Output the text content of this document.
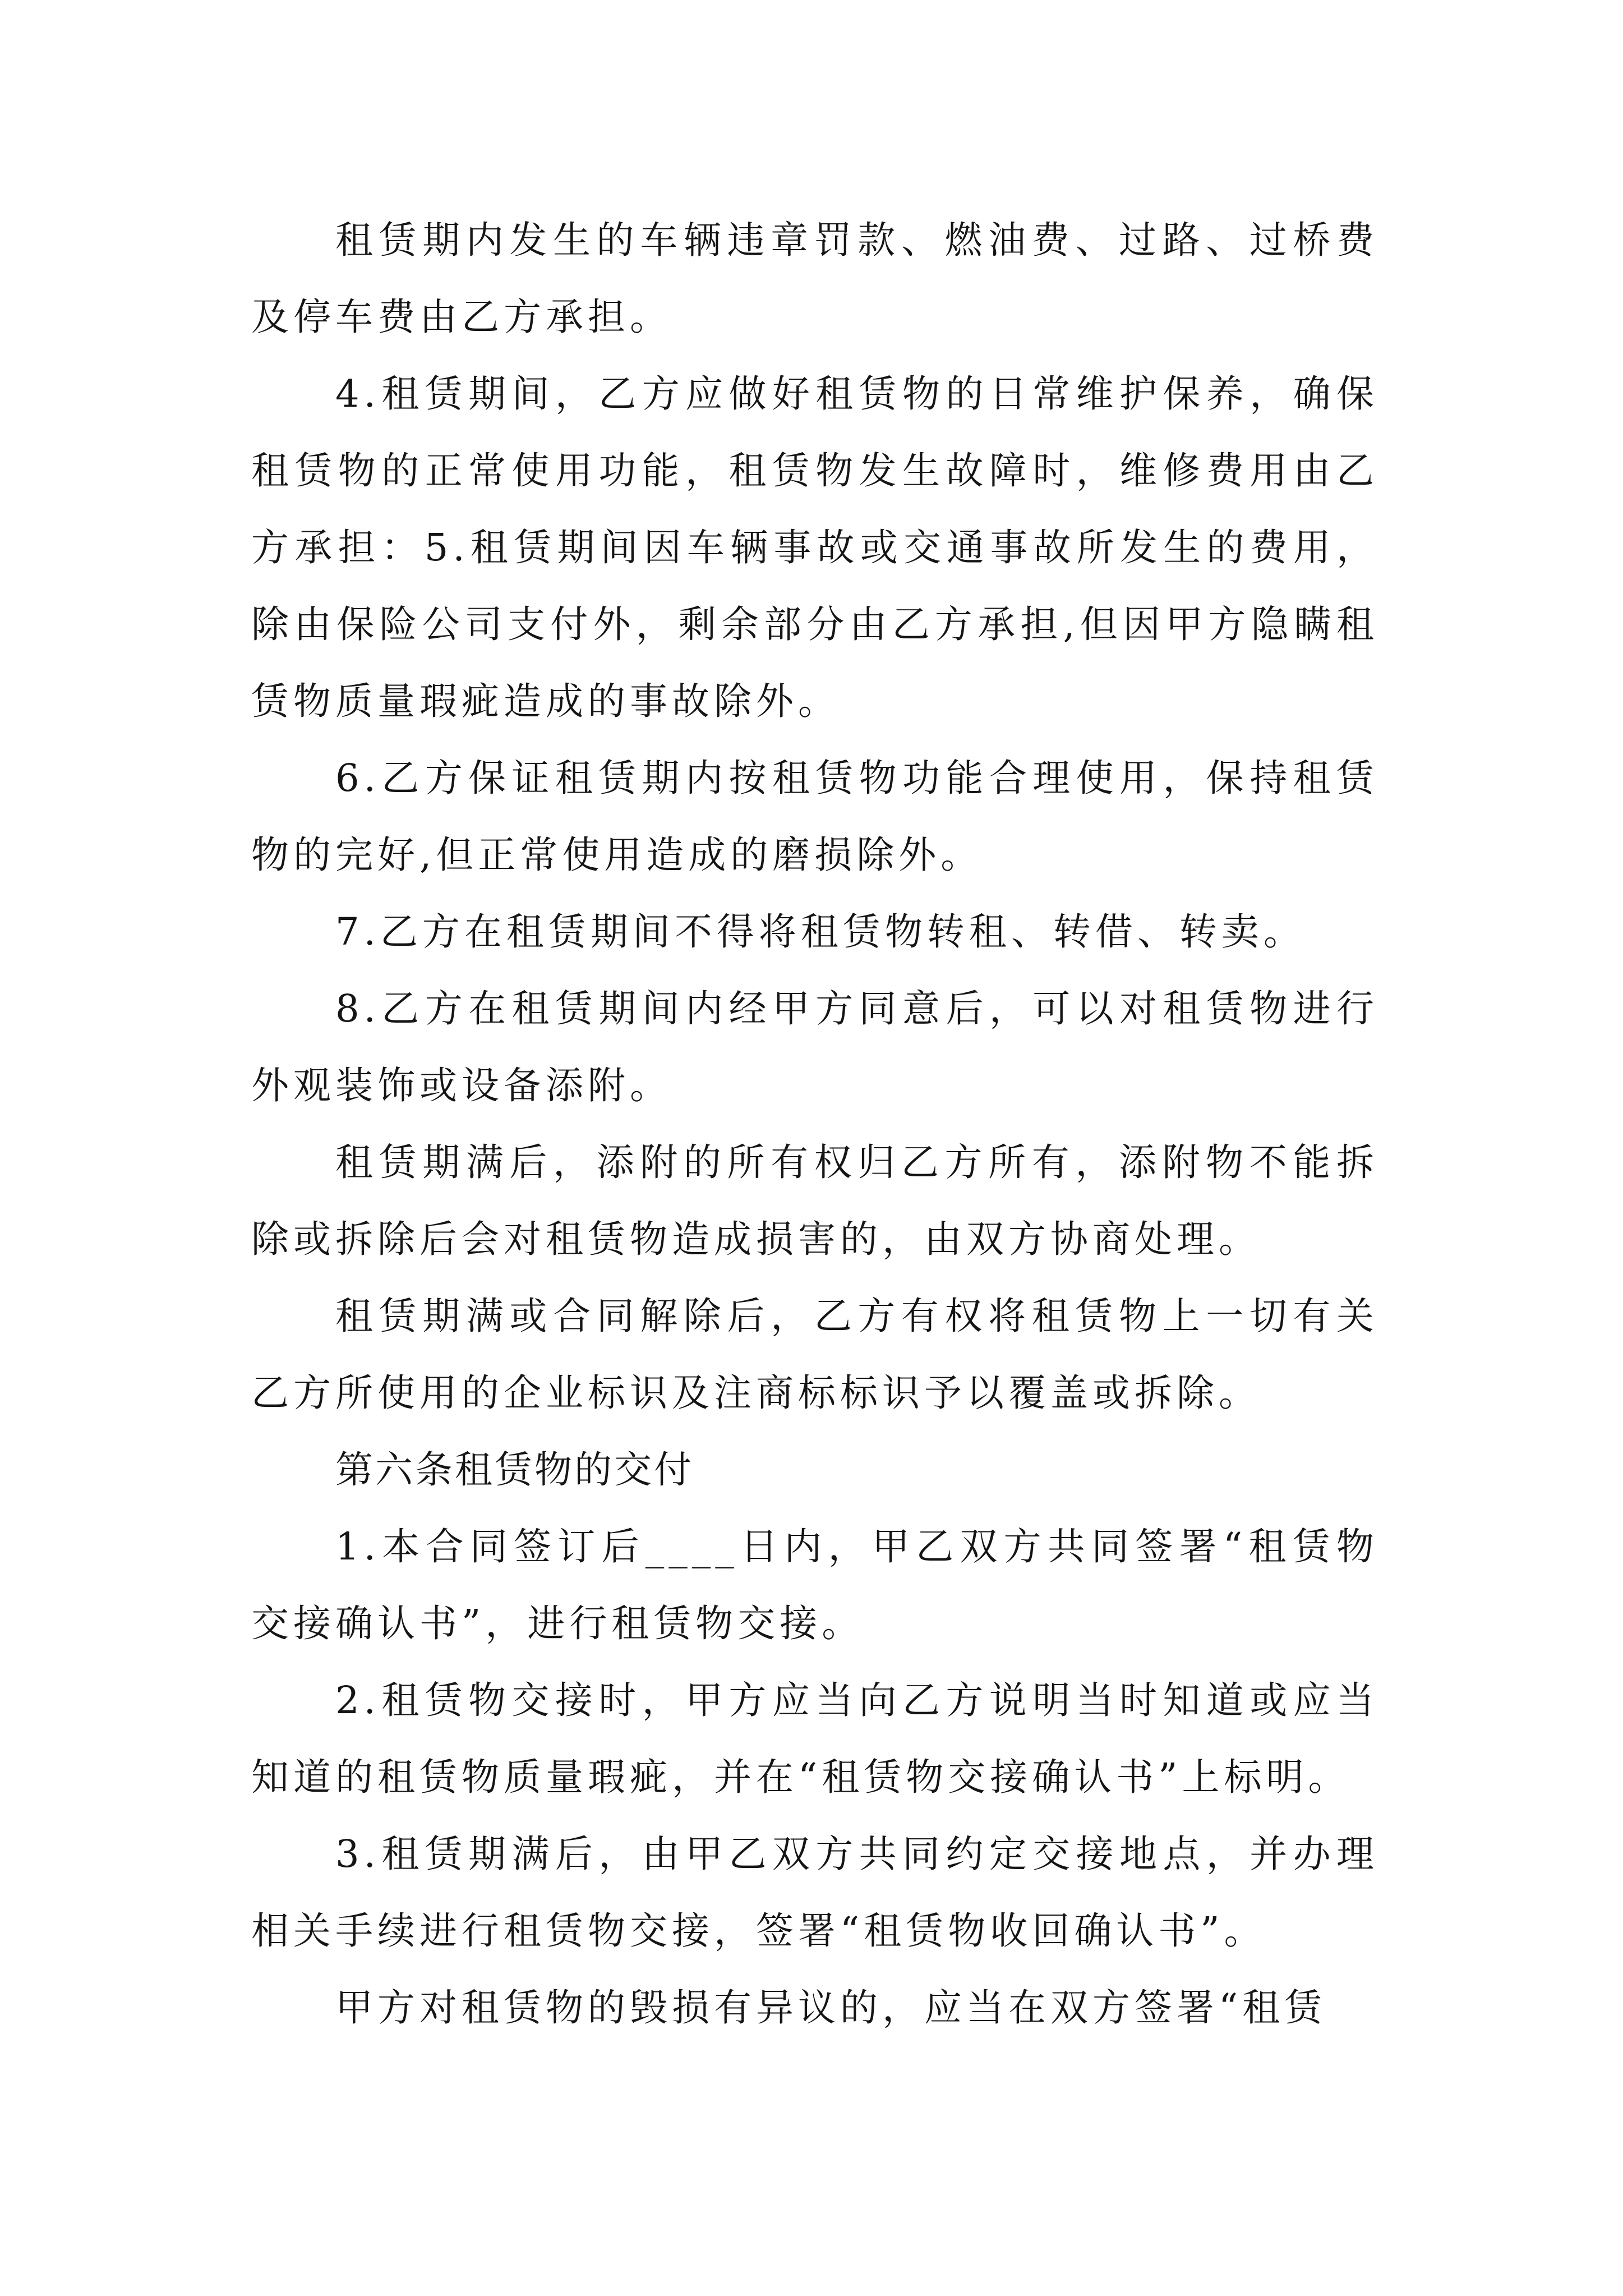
租赁期内发生的车辆违章罚款、燃油费、过路、过桥费及停车费由乙方承担。

4.租赁期间，乙方应做好租赁物的日常维护保养，确保租赁物的正常使用功能，租赁物发生故障时，维修费用由乙方承担：5.租赁期间因车辆事故或交通事故所发生的费用，除由保险公司支付外，剩余部分由乙方承担,但因甲方隐瞒租赁物质量瑕疵造成的事故除外。

6.乙方保证租赁期内按租赁物功能合理使用，保持租赁物的完好,但正常使用造成的磨损除外。

7.乙方在租赁期间不得将租赁物转租、转借、转卖。

8.乙方在租赁期间内经甲方同意后，可以对租赁物进行外观装饰或设备添附。

租赁期满后，添附的所有权归乙方所有，添附物不能拆除或拆除后会对租赁物造成损害的，由双方协商处理。

租赁期满或合同解除后，乙方有权将租赁物上一切有关乙方所使用的企业标识及注商标标识予以覆盖或拆除。

第六条租赁物的交付

1.本合同签订后____日内，甲乙双方共同签署“租赁物交接确认书”，进行租赁物交接。

2.租赁物交接时，甲方应当向乙方说明当时知道或应当知道的租赁物质量瑕疵，并在“租赁物交接确认书”上标明。

3.租赁期满后，由甲乙双方共同约定交接地点，并办理相关手续进行租赁物交接，签署“租赁物收回确认书”。

甲方对租赁物的毁损有异议的，应当在双方签署“租赁
